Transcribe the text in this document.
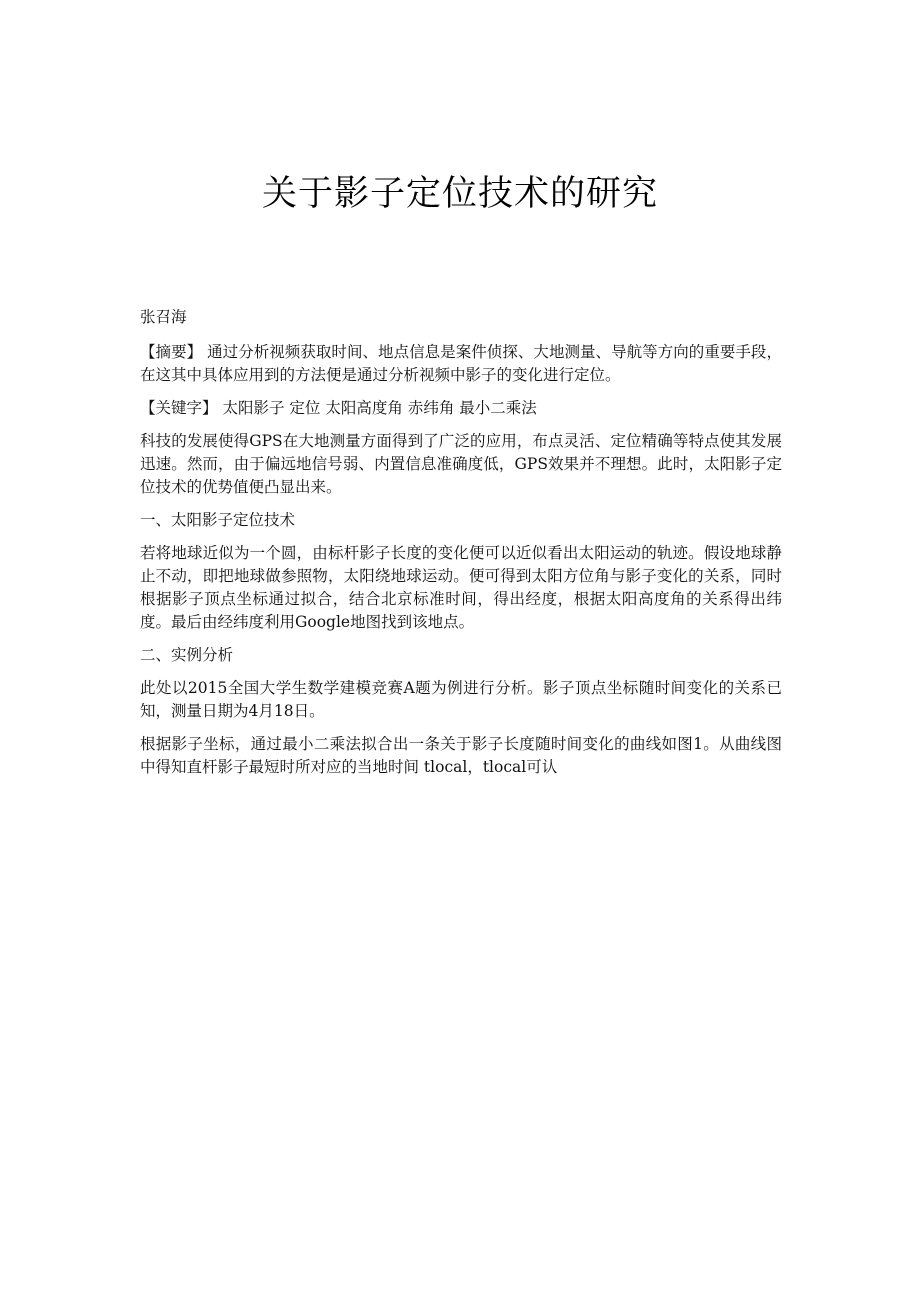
关于影子定位技术的研究

张召海

【摘要】 通过分析视频获取时间、地点信息是案件侦探、大地测量、导航等方向的重要手段，在这其中具体应用到的方法便是通过分析视频中影子的变化进行定位。

【关键字】 太阳影子 定位 太阳高度角 赤纬角 最小二乘法

科技的发展使得GPS在大地测量方面得到了广泛的应用，布点灵活、定位精确等特点使其发展迅速。然而，由于偏远地信号弱、内置信息准确度低，GPS效果并不理想。此时，太阳影子定位技术的优势值便凸显出来。

一、太阳影子定位技术

若将地球近似为一个圆，由标杆影子长度的变化便可以近似看出太阳运动的轨迹。假设地球静止不动，即把地球做参照物，太阳绕地球运动。便可得到太阳方位角与影子变化的关系，同时根据影子顶点坐标通过拟合，结合北京标准时间，得出经度，根据太阳高度角的关系得出纬度。最后由经纬度利用Google地图找到该地点。

二、实例分析

此处以2015全国大学生数学建模竞赛A题为例进行分析。影子顶点坐标随时间变化的关系已知，测量日期为4月18日。

根据影子坐标，通过最小二乘法拟合出一条关于影子长度随时间变化的曲线如图1。从曲线图中得知直杆影子最短时所对应的当地时间 tlocal，tlocal可认
